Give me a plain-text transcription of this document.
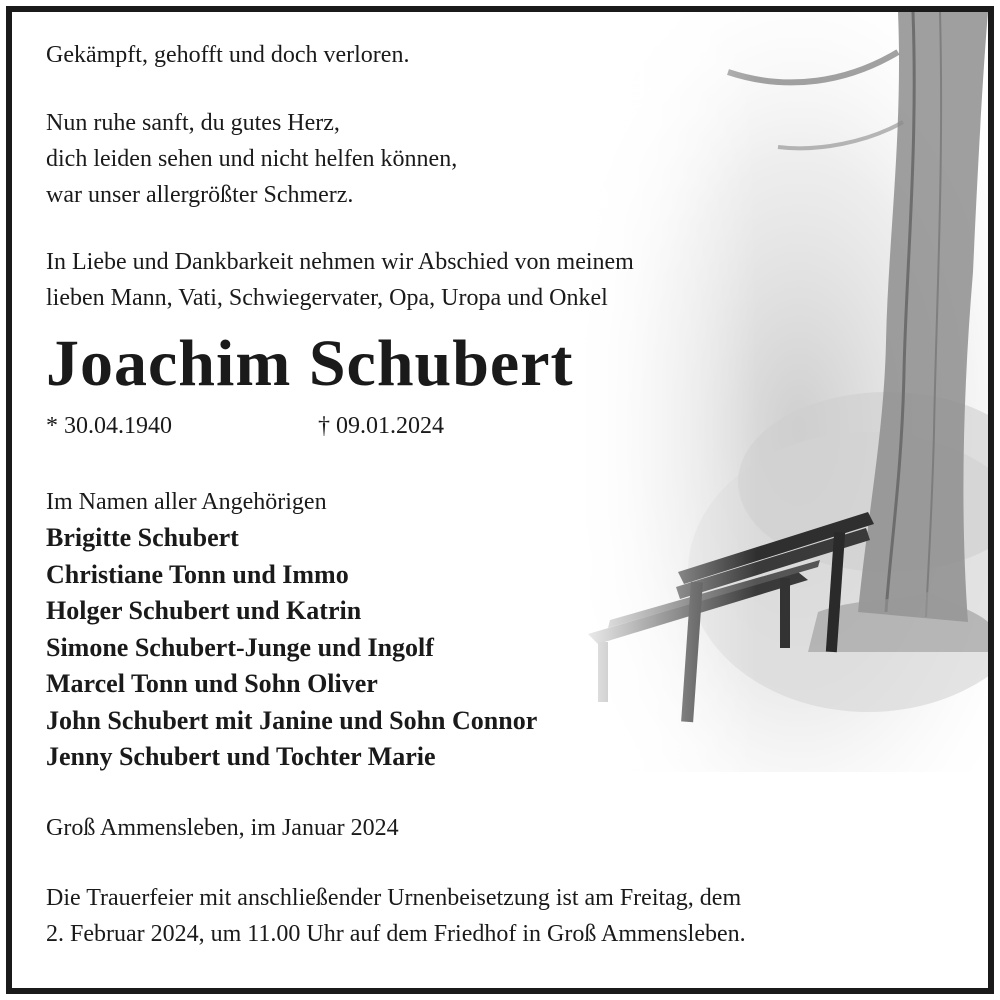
Gekämpft, gehofft und doch verloren.
Nun ruhe sanft, du gutes Herz,
dich leiden sehen und nicht helfen können,
war unser allergrößter Schmerz.
In Liebe und Dankbarkeit nehmen wir Abschied von meinem
lieben Mann, Vati, Schwiegervater, Opa, Uropa und Onkel
Joachim Schubert
* 30.04.1940	† 09.01.2024
Im Namen aller Angehörigen
Brigitte Schubert
Christiane Tonn und Immo
Holger Schubert und Katrin
Simone Schubert-Junge und Ingolf
Marcel Tonn und Sohn Oliver
John Schubert mit Janine und Sohn Connor
Jenny Schubert und Tochter Marie
Groß Ammensleben, im Januar 2024
Die Trauerfeier mit anschließender Urnenbeisetzung ist am Freitag, dem
2. Februar 2024, um 11.00 Uhr auf dem Friedhof in Groß Ammensleben.
